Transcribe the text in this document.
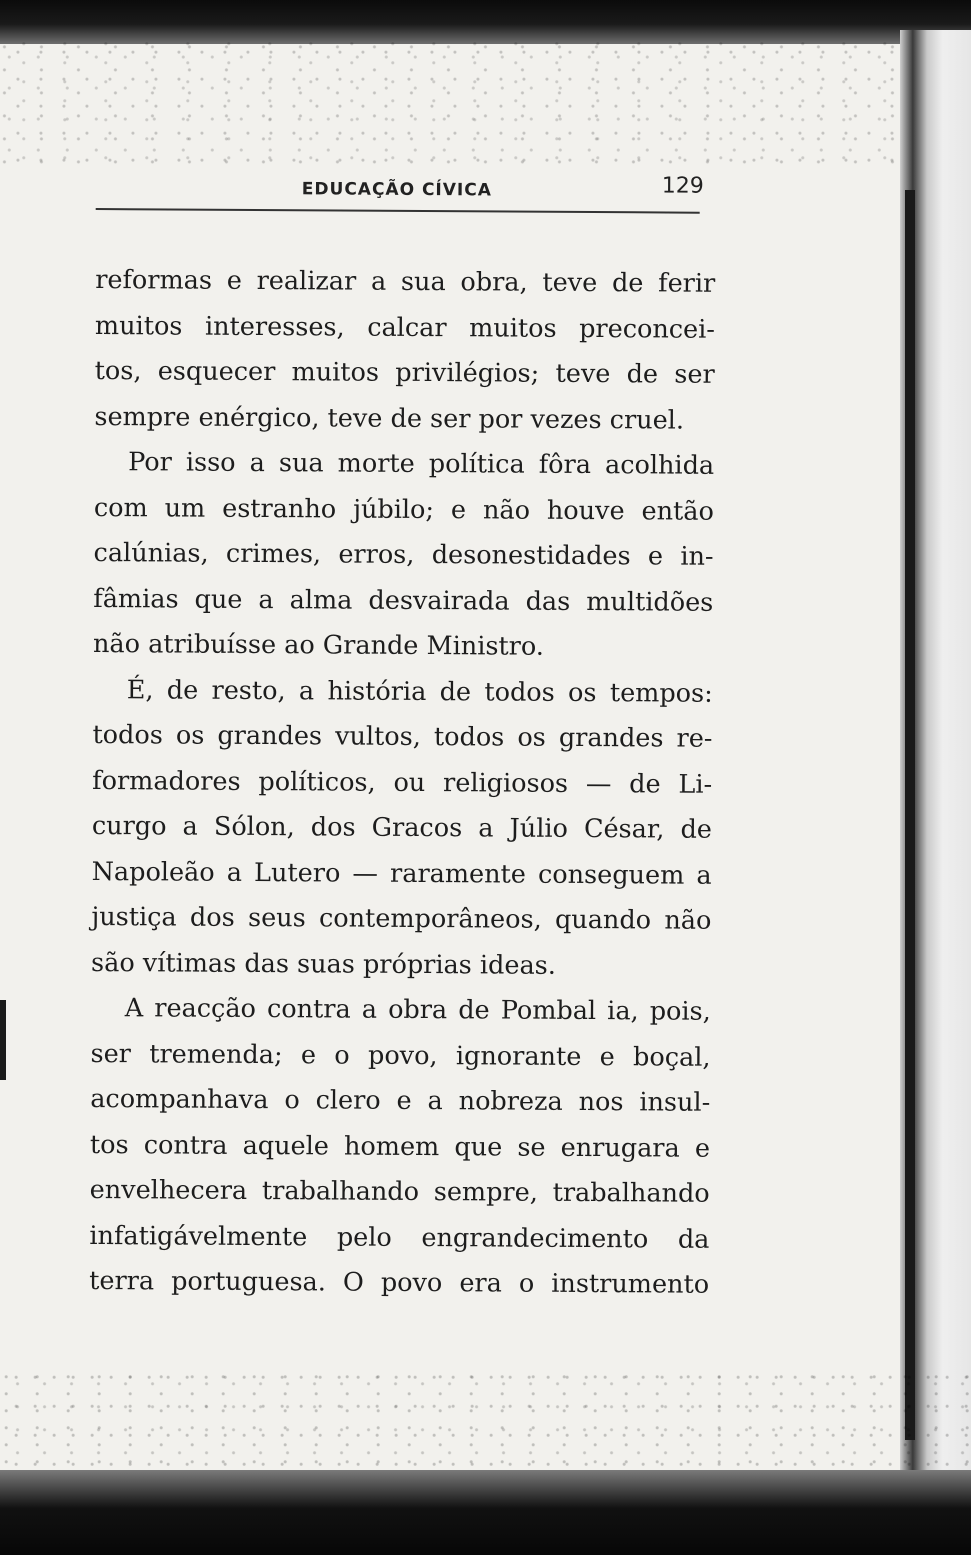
EDUCAÇÃO CÍVICA	129
reformas e realizar a sua obra, teve de ferir
muitos interesses, calcar muitos preconcei-
tos, esquecer muitos privilégios; teve de ser
sempre enérgico, teve de ser por vezes cruel.
Por isso a sua morte política fôra acolhida
com um estranho júbilo; e não houve então
calúnias, crimes, erros, desonestidades e in-
fâmias que a alma desvairada das multidões
não atribuísse ao Grande Ministro.
É, de resto, a história de todos os tempos:
todos os grandes vultos, todos os grandes re-
formadores políticos, ou religiosos — de Li-
curgo a Sólon, dos Gracos a Júlio César, de
Napoleão a Lutero — raramente conseguem a
justiça dos seus contemporâneos, quando não
são vítimas das suas próprias ideas.
A reacção contra a obra de Pombal ia, pois,
ser tremenda; e o povo, ignorante e boçal,
acompanhava o clero e a nobreza nos insul-
tos contra aquele homem que se enrugara e
envelhecera trabalhando sempre, trabalhando
infatigávelmente pelo engrandecimento da
terra portuguesa. O povo era o instrumento
